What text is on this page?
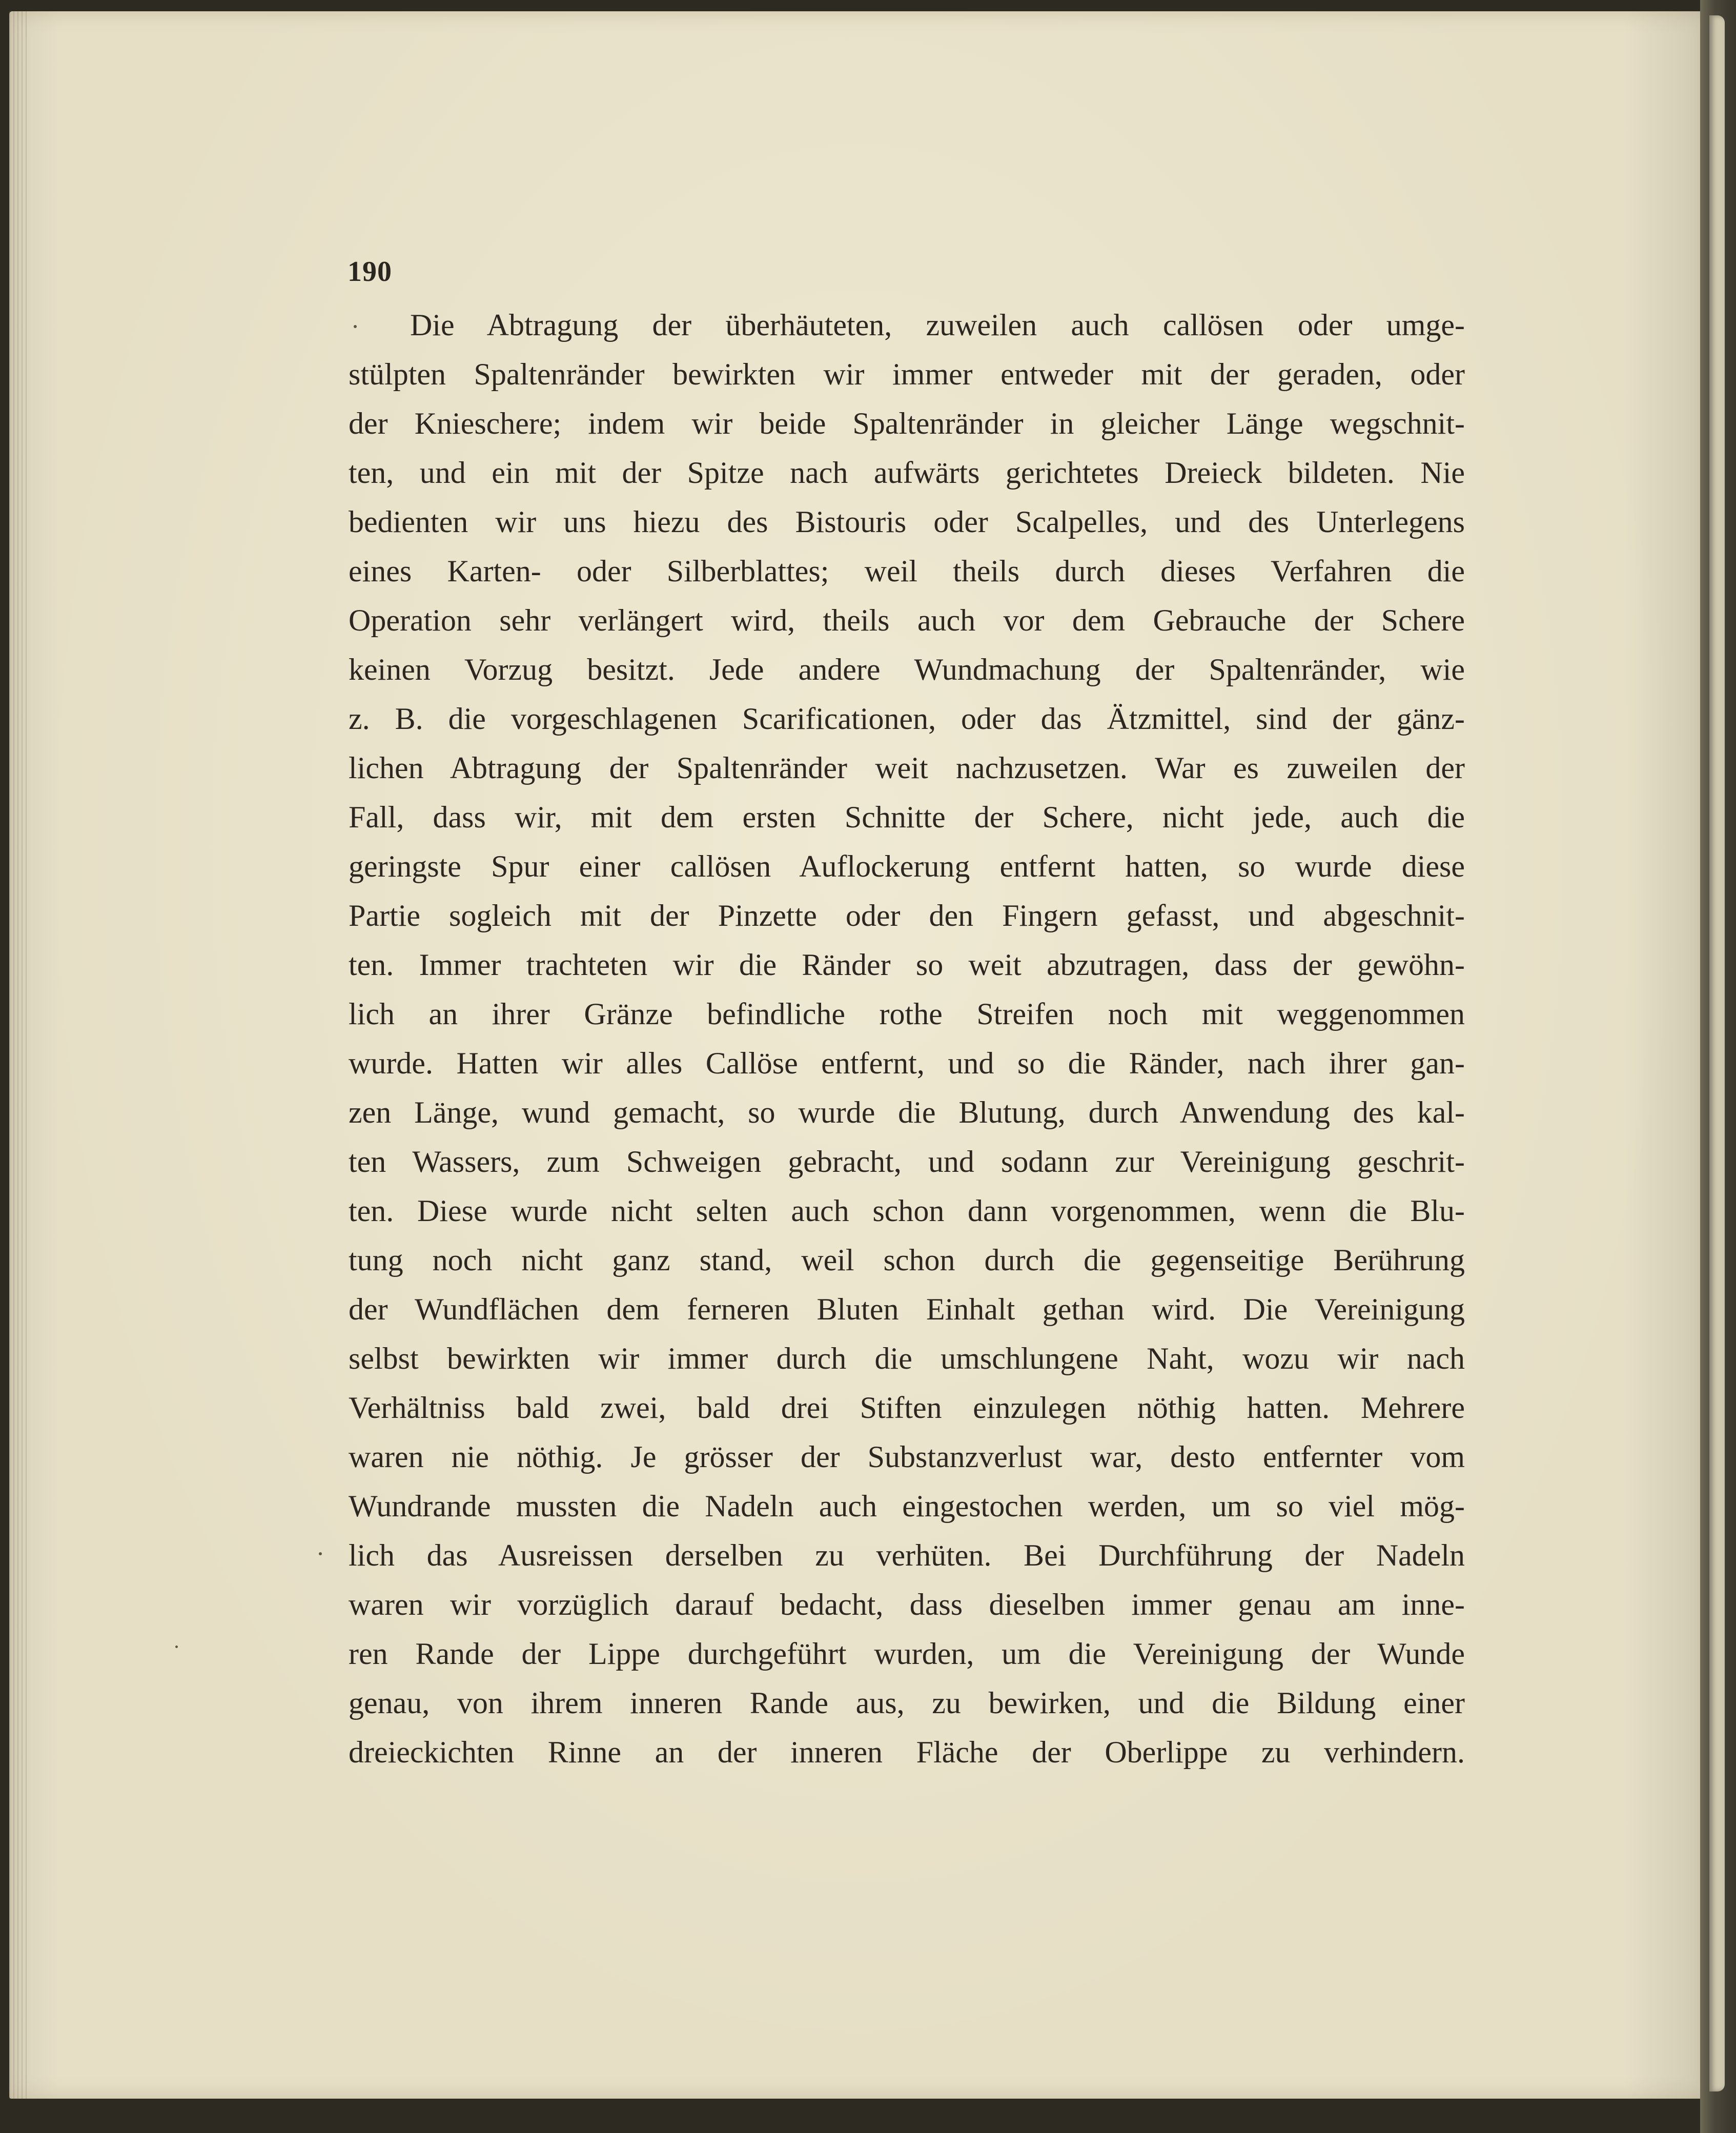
190
Die Abtragung der überhäuteten, zuweilen auch callösen oder umge-
stülpten Spaltenränder bewirkten wir immer entweder mit der geraden, oder
der Knieschere; indem wir beide Spaltenränder in gleicher Länge wegschnit-
ten, und ein mit der Spitze nach aufwärts gerichtetes Dreieck bildeten. Nie
bedienten wir uns hiezu des Bistouris oder Scalpelles, und des Unterlegens
eines Karten- oder Silberblattes; weil theils durch dieses Verfahren die
Operation sehr verlängert wird, theils auch vor dem Gebrauche der Schere
keinen Vorzug besitzt. Jede andere Wundmachung der Spaltenränder, wie
z. B. die vorgeschlagenen Scarificationen, oder das Ätzmittel, sind der gänz-
lichen Abtragung der Spaltenränder weit nachzusetzen. War es zuweilen der
Fall, dass wir, mit dem ersten Schnitte der Schere, nicht jede, auch die
geringste Spur einer callösen Auflockerung entfernt hatten, so wurde diese
Partie sogleich mit der Pinzette oder den Fingern gefasst, und abgeschnit-
ten. Immer trachteten wir die Ränder so weit abzutragen, dass der gewöhn-
lich an ihrer Gränze befindliche rothe Streifen noch mit weggenommen
wurde. Hatten wir alles Callöse entfernt, und so die Ränder, nach ihrer gan-
zen Länge, wund gemacht, so wurde die Blutung, durch Anwendung des kal-
ten Wassers, zum Schweigen gebracht, und sodann zur Vereinigung geschrit-
ten. Diese wurde nicht selten auch schon dann vorgenommen, wenn die Blu-
tung noch nicht ganz stand, weil schon durch die gegenseitige Berührung
der Wundflächen dem ferneren Bluten Einhalt gethan wird. Die Vereinigung
selbst bewirkten wir immer durch die umschlungene Naht, wozu wir nach
Verhältniss bald zwei, bald drei Stiften einzulegen nöthig hatten. Mehrere
waren nie nöthig. Je grösser der Substanzverlust war, desto entfernter vom
Wundrande mussten die Nadeln auch eingestochen werden, um so viel mög-
lich das Ausreissen derselben zu verhüten. Bei Durchführung der Nadeln
waren wir vorzüglich darauf bedacht, dass dieselben immer genau am inne-
ren Rande der Lippe durchgeführt wurden, um die Vereinigung der Wunde
genau, von ihrem inneren Rande aus, zu bewirken, und die Bildung einer
dreieckichten Rinne an der inneren Fläche der Oberlippe zu verhindern.
